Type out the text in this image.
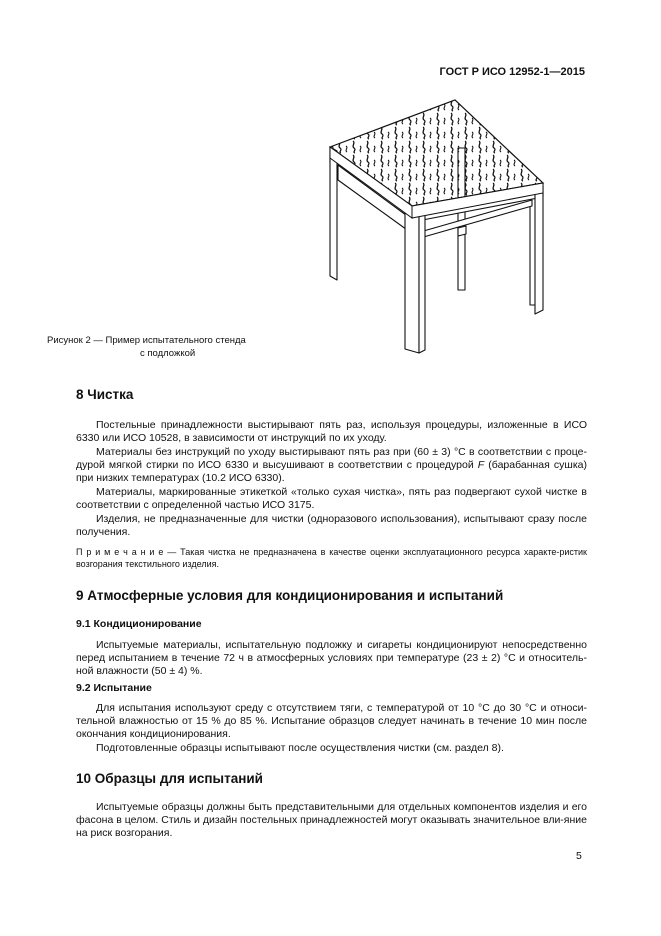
ГОСТ Р ИСО 12952-1—2015
Рисунок 2 — Пример испытательного стенда
с подложкой
8 Чистка

Постельные принадлежности выстирывают пять раз, используя процедуры, изложенные в ИСО 6330 или ИСО 10528, в зависимости от инструкций по их уходу.

Материалы без инструкций по уходу выстирывают пять раз при (60 ± 3) °С в соответствии с проце-дурой мягкой стирки по ИСО 6330 и высушивают в соответствии с процедурой F (барабанная сушка) при низких температурах (10.2 ИСО 6330).

Материалы, маркированные этикеткой «только сухая чистка», пять раз подвергают сухой чистке в соответствии с определенной частью ИСО 3175.

Изделия, не предназначенные для чистки (одноразового использования), испытывают сразу после получения.

П р и м е ч а н и е — Такая чистка не предназначена в качестве оценки эксплуатационного ресурса характе-ристик возгорания текстильного изделия.
9 Атмосферные условия для кондиционирования и испытаний
9.1 Кондиционирование

Испытуемые материалы, испытательную подложку и сигареты кондиционируют непосредственно перед испытанием в течение 72 ч в атмосферных условиях при температуре (23 ± 2) °С и относитель-ной влажности (50 ± 4) %.

9.2 Испытание

Для испытания используют среду с отсутствием тяги, с температурой от 10 °С до 30 °С и относи-тельной влажностью от 15 % до 85 %. Испытание образцов следует начинать в течение 10 мин после окончания кондиционирования.

Подготовленные образцы испытывают после осуществления чистки (см. раздел 8).

10 Образцы для испытаний

Испытуемые образцы должны быть представительными для отдельных компонентов изделия и его фасона в целом. Стиль и дизайн постельных принадлежностей могут оказывать значительное вли-яние на риск возгорания.

5
